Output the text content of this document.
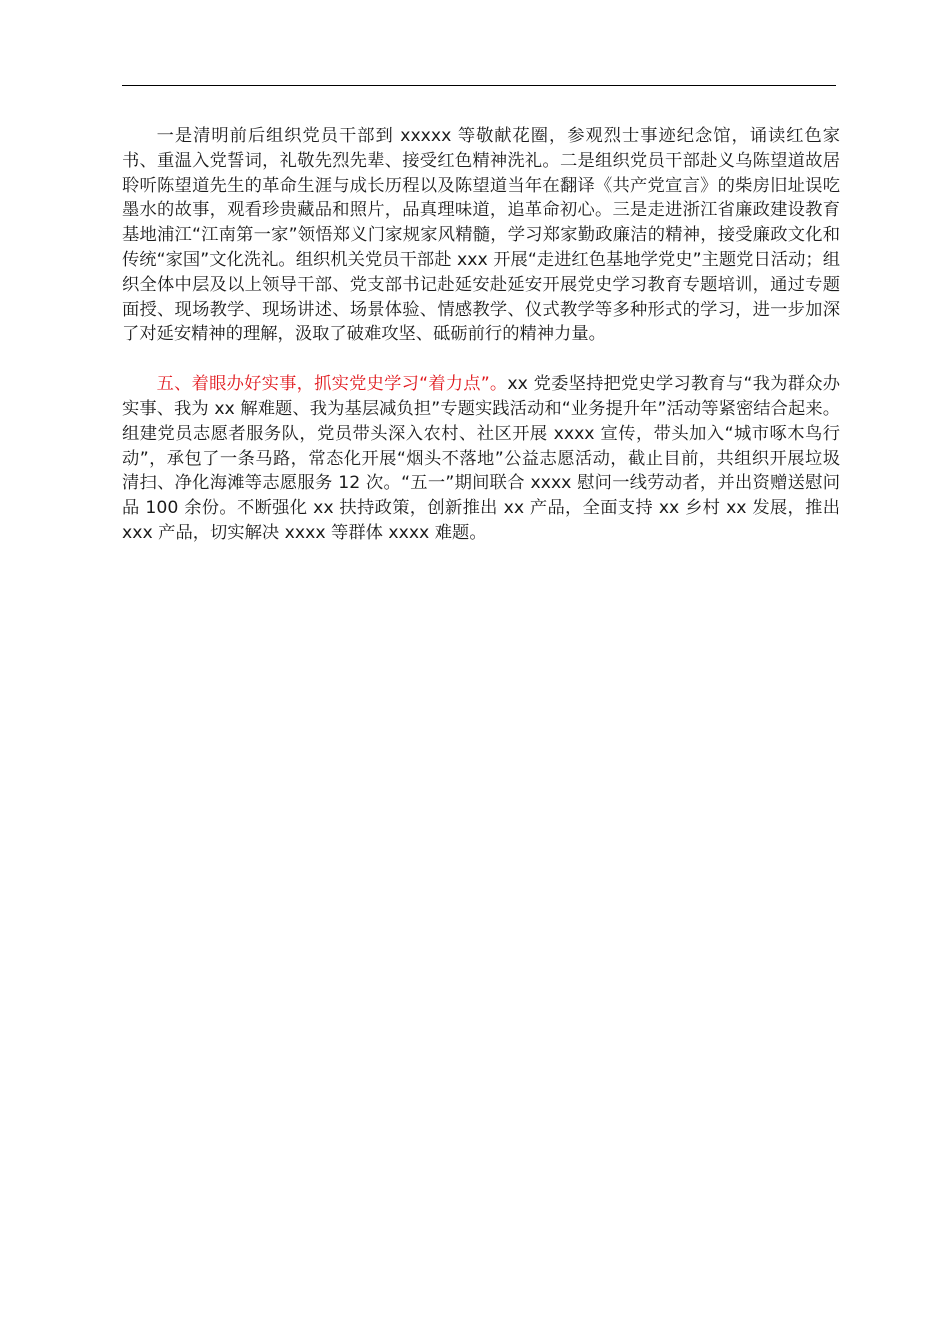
一是清明前后组织党员干部到 xxxxx 等敬献花圈，参观烈士事迹纪念馆，诵读红色家书、重温入党誓词，礼敬先烈先辈、接受红色精神洗礼。二是组织党员干部赴义乌陈望道故居聆听陈望道先生的革命生涯与成长历程以及陈望道当年在翻译《共产党宣言》的柴房旧址误吃墨水的故事，观看珍贵藏品和照片，品真理味道，追革命初心。三是走进浙江省廉政建设教育基地浦江“江南第一家”领悟郑义门家规家风精髓，学习郑家勤政廉洁的精神，接受廉政文化和传统“家国”文化洗礼。组织机关党员干部赴 xxx 开展“走进红色基地学党史”主题党日活动；组织全体中层及以上领导干部、党支部书记赴延安赴延安开展党史学习教育专题培训，通过专题面授、现场教学、现场讲述、场景体验、情感教学、仪式教学等多种形式的学习，进一步加深了对延安精神的理解，汲取了破难攻坚、砥砺前行的精神力量。

五、着眼办好实事，抓实党史学习“着力点”。xx 党委坚持把党史学习教育与“我为群众办实事、我为 xx 解难题、我为基层减负担”专题实践活动和“业务提升年”活动等紧密结合起来。组建党员志愿者服务队，党员带头深入农村、社区开展 xxxx 宣传，带头加入“城市啄木鸟行动”，承包了一条马路，常态化开展“烟头不落地”公益志愿活动，截止目前，共组织开展垃圾清扫、净化海滩等志愿服务 12 次。“五一”期间联合 xxxx 慰问一线劳动者，并出资赠送慰问品 100 余份。不断强化 xx 扶持政策，创新推出 xx 产品，全面支持 xx 乡村 xx 发展，推出 xxx 产品，切实解决 xxxx 等群体 xxxx 难题。
